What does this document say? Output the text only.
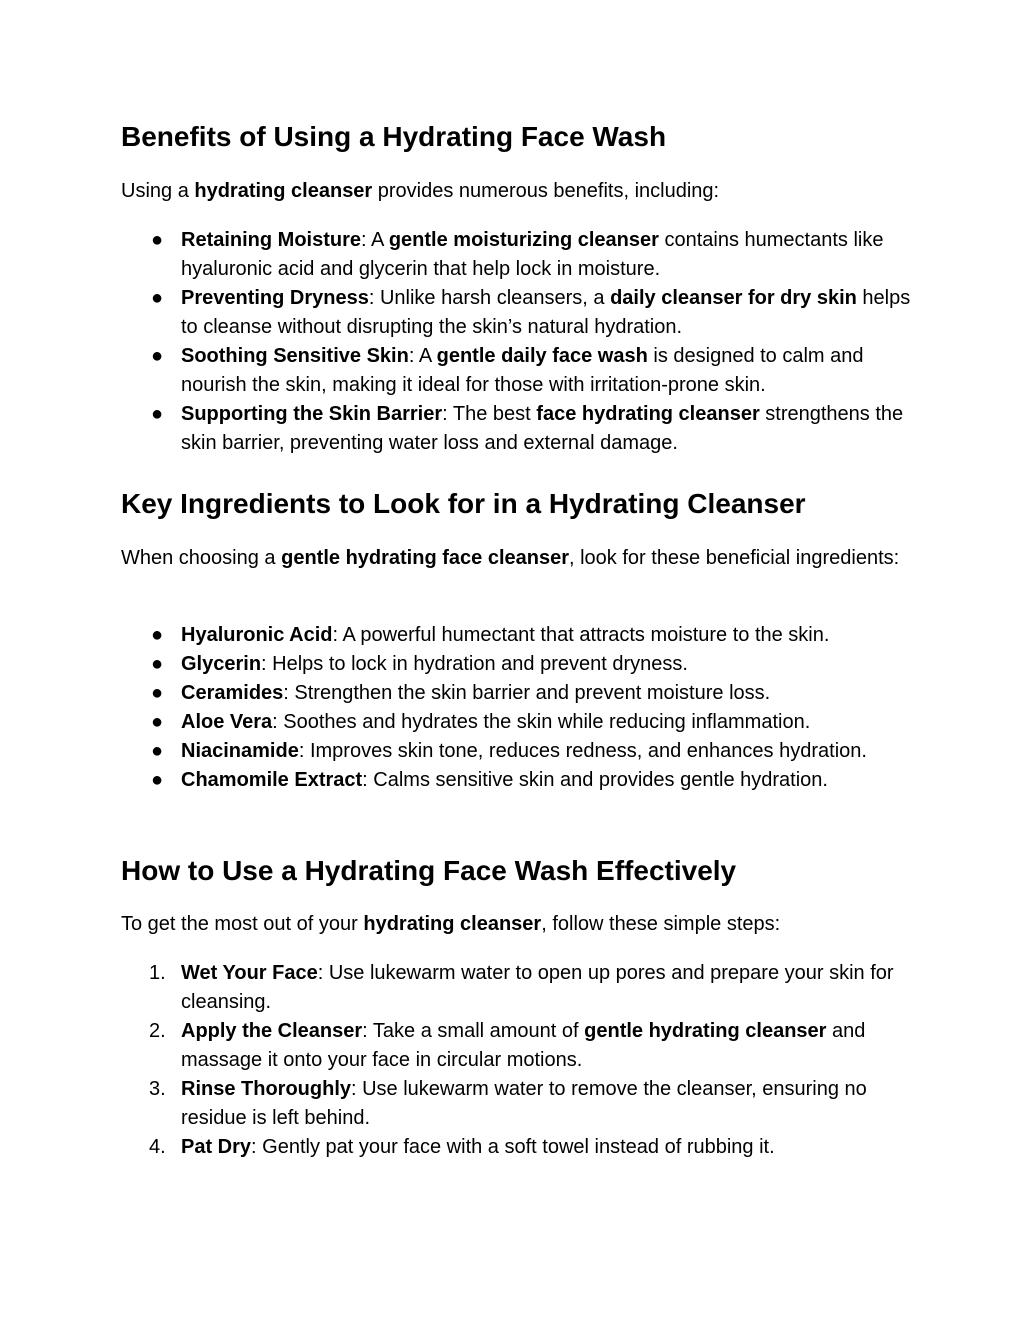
Benefits of Using a Hydrating Face Wash

Using a hydrating cleanser provides numerous benefits, including:

● Retaining Moisture: A gentle moisturizing cleanser contains humectants like hyaluronic acid and glycerin that help lock in moisture.
● Preventing Dryness: Unlike harsh cleansers, a daily cleanser for dry skin helps to cleanse without disrupting the skin’s natural hydration.
● Soothing Sensitive Skin: A gentle daily face wash is designed to calm and nourish the skin, making it ideal for those with irritation-prone skin.
● Supporting the Skin Barrier: The best face hydrating cleanser strengthens the skin barrier, preventing water loss and external damage.
Key Ingredients to Look for in a Hydrating Cleanser

When choosing a gentle hydrating face cleanser, look for these beneficial ingredients:

● Hyaluronic Acid: A powerful humectant that attracts moisture to the skin.
● Glycerin: Helps to lock in hydration and prevent dryness.
● Ceramides: Strengthen the skin barrier and prevent moisture loss.
● Aloe Vera: Soothes and hydrates the skin while reducing inflammation.
● Niacinamide: Improves skin tone, reduces redness, and enhances hydration.
● Chamomile Extract: Calms sensitive skin and provides gentle hydration.
How to Use a Hydrating Face Wash Effectively

To get the most out of your hydrating cleanser, follow these simple steps:

1. Wet Your Face: Use lukewarm water to open up pores and prepare your skin for cleansing.
2. Apply the Cleanser: Take a small amount of gentle hydrating cleanser and massage it onto your face in circular motions.
3. Rinse Thoroughly: Use lukewarm water to remove the cleanser, ensuring no residue is left behind.
4. Pat Dry: Gently pat your face with a soft towel instead of rubbing it.
